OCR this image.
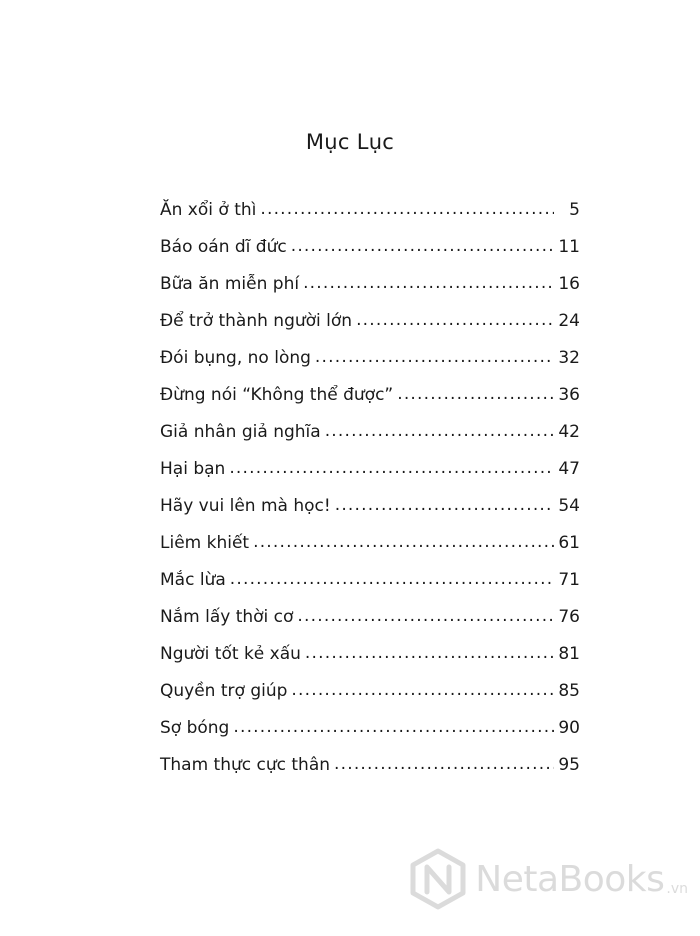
Mục Lục
Ăn xổi ở thì .....	5
Báo oán dĩ đức .....	11
Bữa ăn miễn phí .....	16
Để trở thành người lớn .....	24
Đói bụng, no lòng .....	32
Đừng nói “Không thể được” .....	36
Giả nhân giả nghĩa .....	42
Hại bạn .....	47
Hãy vui lên mà học! .....	54
Liêm khiết .....	61
Mắc lừa .....	71
Nắm lấy thời cơ .....	76
Người tốt kẻ xấu .....	81
Quyền trợ giúp .....	85
Sợ bóng .....	90
Tham thực cực thân .....	95
NetaBooks .vn
